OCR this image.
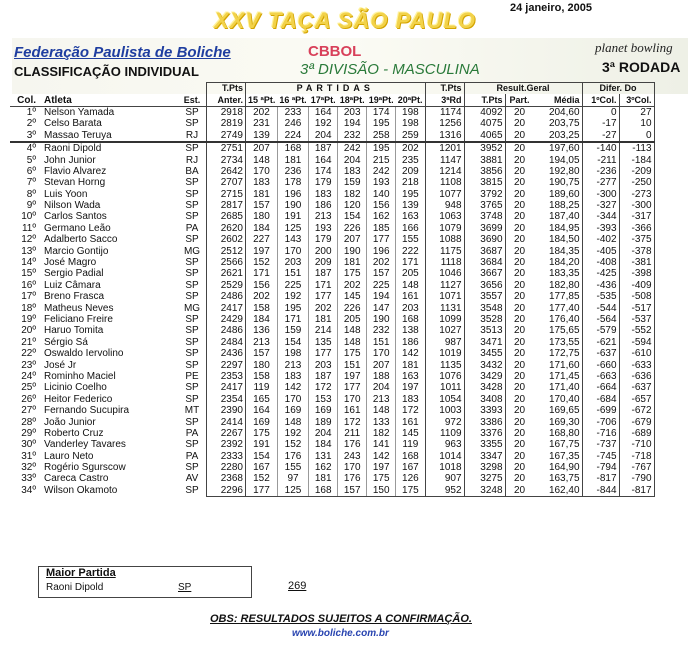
24 janeiro, 2005
XXV TAÇA SÃO PAULO
Federação Paulista de Boliche	CBBOL	planet bowling
CLASSIFICAÇÃO INDIVIDUAL	3ª DIVISÃO - MASCULINA	3ª RODADA
			T.Pts	PARTIDAS						T.Pts	Result.Geral			Difer. Do	
Col.	Atleta	Est.	Anter.	15 ªPt.	16 ªPt.	17ªPt.	18ªPt.	19ªPt.	20ªPt.	3ªRd	T.Pts	Part.	Média	1ºCol.	3ºCol.
1º	Nelson Yamada	SP	2918	202	233	164	203	174	198	1174	4092	20	204,60	0	27
2º	Celso Barata	SP	2819	231	246	192	194	195	198	1256	4075	20	203,75	-17	10
3º	Massao Teruya	RJ	2749	139	224	204	232	258	259	1316	4065	20	203,25	-27	0
4º	Raoni Dipold	SP	2751	207	168	187	242	195	202	1201	3952	20	197,60	-140	-113
5º	John Junior	RJ	2734	148	181	164	204	215	235	1147	3881	20	194,05	-211	-184
6º	Flavio Alvarez	BA	2642	170	236	174	183	242	209	1214	3856	20	192,80	-236	-209
7º	Stevan Horng	SP	2707	183	178	179	159	193	218	1108	3815	20	190,75	-277	-250
8º	Luis Yoon	SP	2715	181	196	183	182	140	195	1077	3792	20	189,60	-300	-273
9º	Nilson Wada	SP	2817	157	190	186	120	156	139	948	3765	20	188,25	-327	-300
10º	Carlos Santos	SP	2685	180	191	213	154	162	163	1063	3748	20	187,40	-344	-317
11º	Germano Leão	PA	2620	184	125	193	226	185	166	1079	3699	20	184,95	-393	-366
12º	Adalberto Sacco	SP	2602	227	143	179	207	177	155	1088	3690	20	184,50	-402	-375
13º	Marcio Gontijo	MG	2512	197	170	200	190	196	222	1175	3687	20	184,35	-405	-378
14º	José Magro	SP	2566	152	203	209	181	202	171	1118	3684	20	184,20	-408	-381
15º	Sergio Padial	SP	2621	171	151	187	175	157	205	1046	3667	20	183,35	-425	-398
16º	Luiz Câmara	SP	2529	156	225	171	202	225	148	1127	3656	20	182,80	-436	-409
17º	Breno Frasca	SP	2486	202	192	177	145	194	161	1071	3557	20	177,85	-535	-508
18º	Matheus Neves	MG	2417	158	195	202	226	147	203	1131	3548	20	177,40	-544	-517
19º	Feliciano Freire	SP	2429	184	171	181	205	190	168	1099	3528	20	176,40	-564	-537
20º	Haruo Tomita	SP	2486	136	159	214	148	232	138	1027	3513	20	175,65	-579	-552
21º	Sérgio Sá	SP	2484	213	154	135	148	151	186	987	3471	20	173,55	-621	-594
22º	Oswaldo Iervolino	SP	2436	157	198	177	175	170	142	1019	3455	20	172,75	-637	-610
23º	José Jr	SP	2297	180	213	203	151	207	181	1135	3432	20	171,60	-660	-633
24º	Rominho Maciel	PE	2353	158	183	187	197	188	163	1076	3429	20	171,45	-663	-636
25º	Licinio Coelho	SP	2417	119	142	172	177	204	197	1011	3428	20	171,40	-664	-637
26º	Heitor Federico	SP	2354	165	170	153	170	213	183	1054	3408	20	170,40	-684	-657
27º	Fernando Sucupira	MT	2390	164	169	169	161	148	172	1003	3393	20	169,65	-699	-672
28º	João Junior	SP	2414	169	148	189	172	133	161	972	3386	20	169,30	-706	-679
29º	Roberto Cruz	PA	2267	175	192	204	211	182	145	1109	3376	20	168,80	-716	-689
30º	Vanderley Tavares	SP	2392	191	152	184	176	141	119	963	3355	20	167,75	-737	-710
31º	Lauro Neto	PA	2333	154	176	131	243	142	168	1014	3347	20	167,35	-745	-718
32º	Rogério Sgurscow	SP	2280	167	155	162	170	197	167	1018	3298	20	164,90	-794	-767
33º	Careca Castro	AV	2368	152	97	181	176	175	126	907	3275	20	163,75	-817	-790
34º	Wilson Okamoto	SP	2296	177	125	168	157	150	175	952	3248	20	162,40	-844	-817
Maior Partida
Raoni Dipold	SP	269
OBS: RESULTADOS SUJEITOS A CONFIRMAÇÃO.
www.boliche.com.br
